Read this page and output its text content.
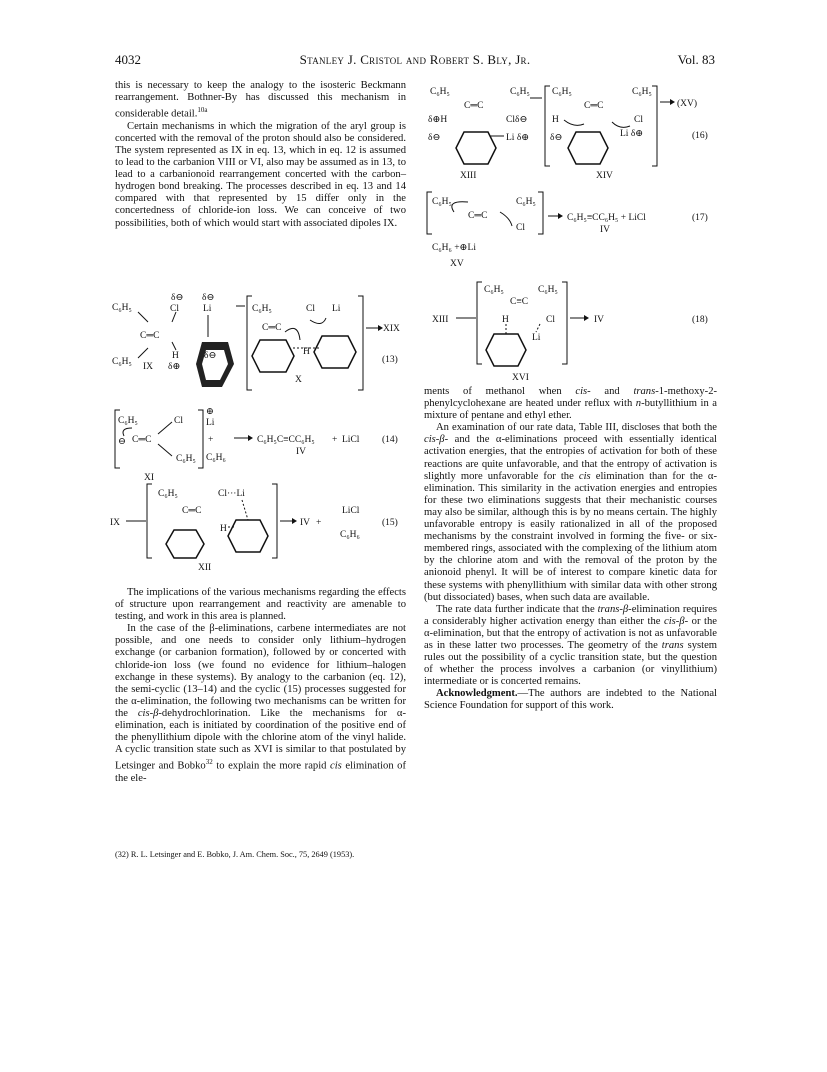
4032	Stanley J. Cristol and Robert S. Bly, Jr.	Vol. 83

this is necessary to keep the analogy to the isosteric Beckmann rearrangement. Bothner-By has discussed this mechanism in considerable detail.$^{10a}$

Certain mechanisms in which the migration of the aryl group is concerted with the removal of the proton should also be considered. The system represented as IX in eq. 13, which in eq. 12 is assumed to lead to the carbanion VIII or VI, also may be assumed as in 13, to lead to a carbanionoid rearrangement concerted with the carbon–hydrogen bond breaking. The processes described in eq. 13 and 14 compared with that represented by 15 differ only in the concertedness of chloride-ion loss. We can conceive of two possibilities, both of which would start with associated dipoles IX.

C₆H₅
C₆H₅
C═C
δ⊖
Cl
H
δ⊕
IX
δ⊖
Li
δ⊖
C₆H₅
C═C
Cl Li
H
X
XIX
(13)
C₆H₅	Cl
C═C
C₆H₅
⊖
XI
⊕
Li
+
C₆H₆
C₆H₅C≡CC₆H₅ + LiCl
IV
(14)
IX
C₆H₅	Cl···Li
C═C
H
XII
IV +
LiCl
C₆H₆
(15)

The implications of the various mechanisms regarding the effects of structure upon rearrangement and reactivity are amenable to testing, and work in this area is planned.

In the case of the β-eliminations, carbene intermediates are not possible, and one needs to consider only lithium–hydrogen exchange (or carbanion formation), followed by or concerted with chloride-ion loss (we found no evidence for lithium–halogen exchange in these systems). By analogy to the carbanion (eq. 12), the semi-cyclic (13–14) and the cyclic (15) processes suggested for the α-elimination, the following two mechanisms can be written for the cis-β-dehydrochlorination. Like the mechanisms for α-elimination, each is initiated by coordination of the positive end of the phenyllithium dipole with the chlorine atom of the vinyl halide. A cyclic transition state such as XVI is similar to that postulated by Letsinger and Bobko$^{32}$ to explain the more rapid cis elimination of the ele-

(32) R. L. Letsinger and E. Bobko, J. Am. Chem. Soc., 75, 2649 (1953).
C₆H₅	C₆H₅
C═C
δ⊕H	Clδ⊖
δ⊖	Li δ⊕
XIII
C₆H₅	C₆H₅
C═C
H	Cl
Li δ⊕
δ⊖
XIV
(XV)
(16)
C₆H₅	C₆H₅
C═C
Cl
C₆H₅≡CC₆H₅ + LiCl
IV
(17)
C₆H₆ +⊕Li
XV
XIII
C₆H₅	C₆H₅
C≡C
H	Cl
Li
XVI
IV	(18)

ments of methanol when cis- and trans-1-methoxy-2-phenylcyclohexane are heated under reflux with n-butyllithium in a mixture of pentane and ethyl ether.

An examination of our rate data, Table III, discloses that both the cis-β- and the α-eliminations proceed with essentially identical activation energies, that the entropies of activation for both of these reactions are quite unfavorable, and that the entropy of activation is slightly more unfavorable for the cis elimination than for the α-elimination. This similarity in the activation energies and entropies for these two eliminations suggests that their mechanistic courses may also be similar, although this is by no means certain. The highly unfavorable entropy is easily rationalized in all of the proposed mechanisms by the constraint involved in forming the five- or six-membered rings, associated with the complexing of the lithium atom by the chlorine atom and with the removal of the proton by the anionoid phenyl. It will be of interest to compare kinetic data for these systems with phenyllithium with similar data with other strong (but dissociated) bases, when such data are available.

The rate data further indicate that the trans-β-elimination requires a considerably higher activation energy than either the cis-β- or the α-elimination, but that the entropy of activation is not as unfavorable as in these latter two processes. The geometry of the trans system rules out the possibility of a cyclic transition state, but the question of whether the process involves a carbanion (or vinyllithium) intermediate or is concerted remains.

Acknowledgment.—The authors are indebted to the National Science Foundation for support of this work.
